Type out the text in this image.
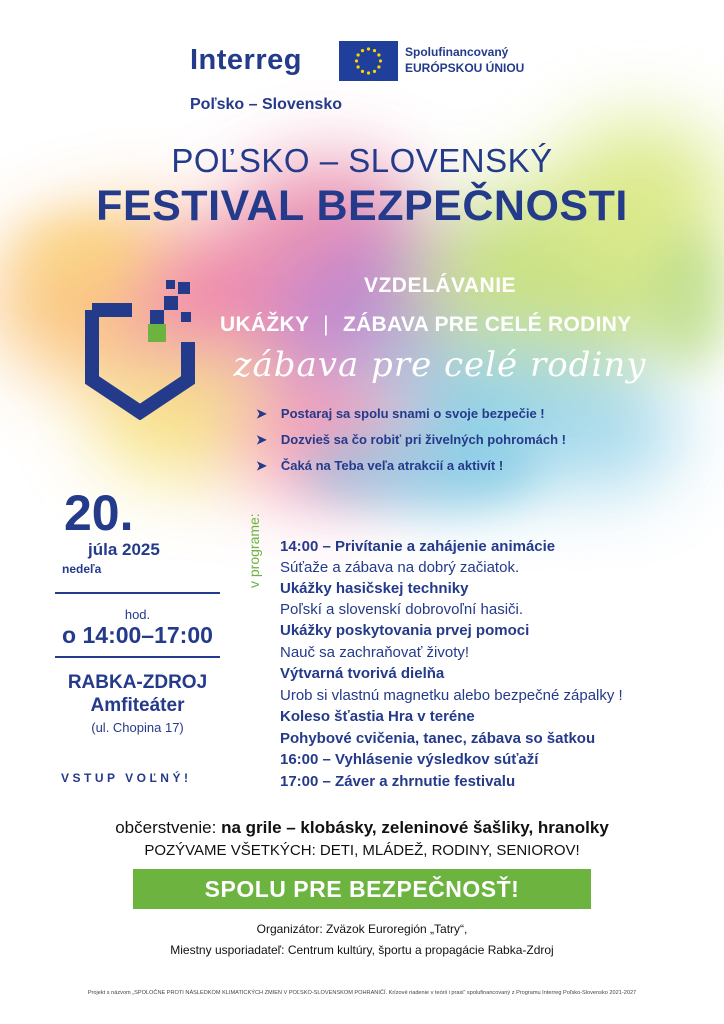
Interreg
Poľsko – Slovensko
Spolufinancovaný
EURÓPSKOU ÚNIOU
POĽSKO – SLOVENSKÝ
FESTIVAL BEZPEČNOSTI
VZDELÁVANIE
UKÁŽKY | ZÁBAVA PRE CELÉ RODINY
zábava pre celé rodiny
➤ Postaraj sa spolu snami o svoje bezpečie !
➤ Dozvieš sa čo robiť pri živelných pohromách !
➤ Čaká na Teba veľa atrakcií a aktivít !
20.
júla 2025
nedeľa
hod.
o 14:00–17:00
RABKA-ZDROJ
Amfiteáter
(ul. Chopina 17)
VSTUP VOĽNÝ!
v programe: 14:00 – Privítanie a zahájenie animácie
Súťaže a zábava na dobrý začiatok.
Ukážky hasičskej techniky
Poľskí a slovenskí dobrovoľní hasiči.
Ukážky poskytovania prvej pomoci
Nauč sa zachraňovať životy!
Výtvarná tvorivá dielňa
Urob si vlastnú magnetku alebo bezpečné zápalky !
Koleso šťastia Hra v teréne
Pohybové cvičenia, tanec, zábava so šatkou
16:00 – Vyhlásenie výsledkov súťaží
17:00 – Záver a zhrnutie festivalu
občerstvenie: na grile – klobásky, zeleninové šašliky, hranolky
POZÝVAME VŠETKÝCH: DETI, MLÁDEŽ, RODINY, SENIOROV!
SPOLU PRE BEZPEČNOSŤ!
Organizátor: Zväzok Euroregión „Tatry“,
Miestny usporiadateľ: Centrum kultúry, športu a propagácie Rabka-Zdroj
Projekt s názvom „SPOLOČNE PROTI NÁSLEDKOM KLIMATICKÝCH ZMIEN V POĽSKO-SLOVENSKOM POHRANIČÍ. Krízové riadenie v teórii i praxi“ spolufinancovaný z Programu Interreg Poľsko-Slovensko 2021-2027
